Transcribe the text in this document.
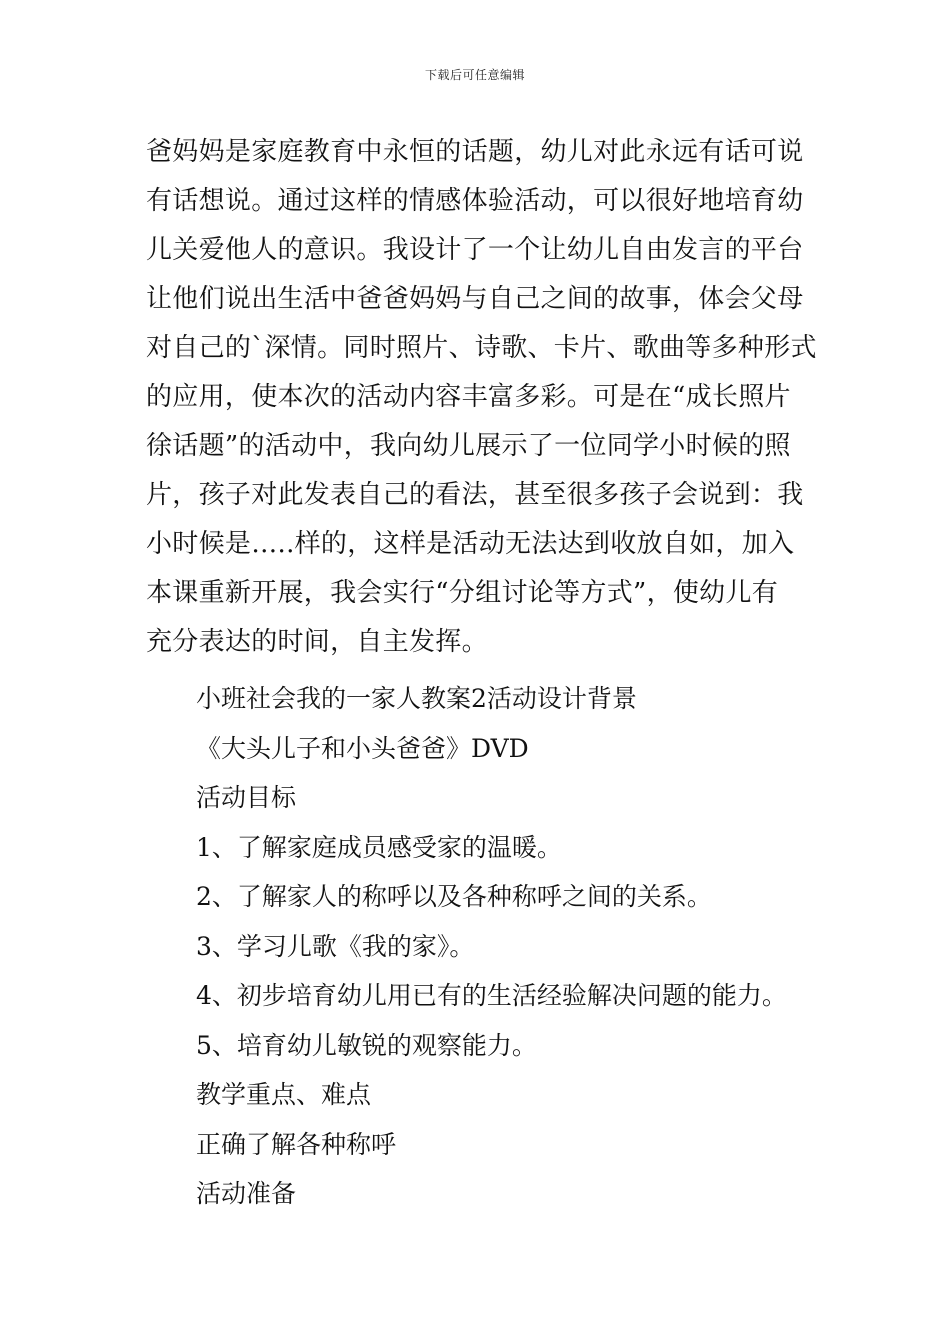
下载后可任意编辑
爸妈妈是家庭教育中永恒的话题，幼儿对此永远有话可说
有话想说。通过这样的情感体验活动，可以很好地培育幼
儿关爱他人的意识。我设计了一个让幼儿自由发言的平台
让他们说出生活中爸爸妈妈与自己之间的故事，体会父母
对自己的`深情。同时照片、诗歌、卡片、歌曲等多种形式
的应用，使本次的活动内容丰富多彩。可是在“成长照片
徐话题”的活动中，我向幼儿展示了一位同学小时候的照
片，孩子对此发表自己的看法，甚至很多孩子会说到：我
小时候是…..样的，这样是活动无法达到收放自如，加入
本课重新开展，我会实行“分组讨论等方式”，使幼儿有
充分表达的时间，自主发挥。
小班社会我的一家人教案2活动设计背景
《大头儿子和小头爸爸》DVD
活动目标
1、了解家庭成员感受家的温暖。
2、了解家人的称呼以及各种称呼之间的关系。
3、学习儿歌《我的家》。
4、初步培育幼儿用已有的生活经验解决问题的能力。
5、培育幼儿敏锐的观察能力。
教学重点、难点
正确了解各种称呼
活动准备
